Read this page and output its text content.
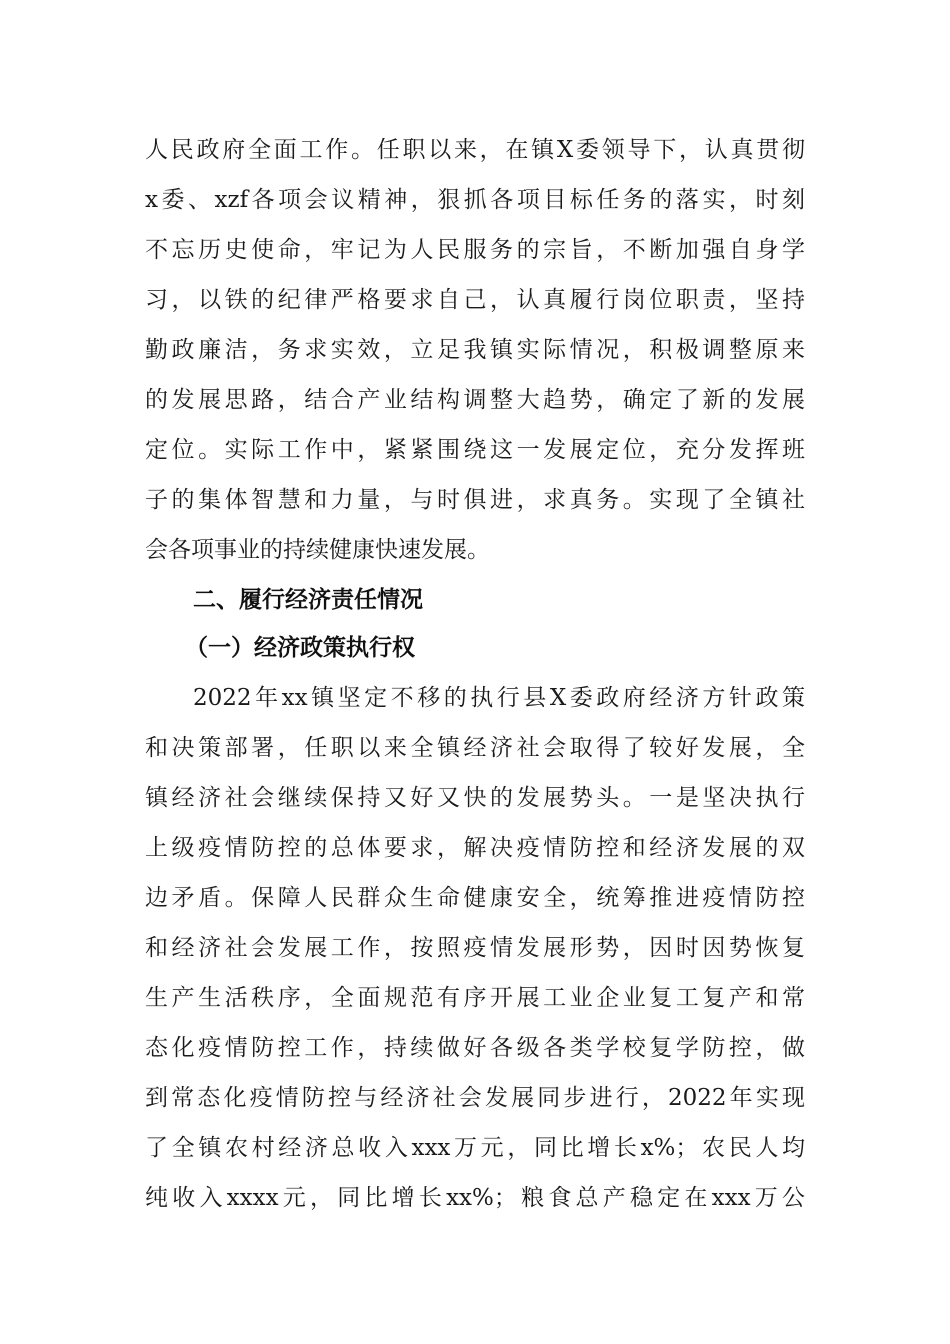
人民政府全面工作。任职以来，在镇X委领导下，认真贯彻
x委、xzf各项会议精神，狠抓各项目标任务的落实，时刻
不忘历史使命，牢记为人民服务的宗旨，不断加强自身学
习，以铁的纪律严格要求自己，认真履行岗位职责，坚持
勤政廉洁，务求实效，立足我镇实际情况，积极调整原来
的发展思路，结合产业结构调整大趋势，确定了新的发展
定位。实际工作中，紧紧围绕这一发展定位，充分发挥班
子的集体智慧和力量，与时俱进，求真务。实现了全镇社
会各项事业的持续健康快速发展。
二、履行经济责任情况
（一）经济政策执行权
2022年xx镇坚定不移的执行县X委政府经济方针政策
和决策部署，任职以来全镇经济社会取得了较好发展，全
镇经济社会继续保持又好又快的发展势头。一是坚决执行
上级疫情防控的总体要求，解决疫情防控和经济发展的双
边矛盾。保障人民群众生命健康安全，统筹推进疫情防控
和经济社会发展工作，按照疫情发展形势，因时因势恢复
生产生活秩序，全面规范有序开展工业企业复工复产和常
态化疫情防控工作，持续做好各级各类学校复学防控，做
到常态化疫情防控与经济社会发展同步进行，2022年实现
了全镇农村经济总收入xxx万元，同比增长x%；农民人均
纯收入xxxx元，同比增长xx%；粮食总产稳定在xxx万公
